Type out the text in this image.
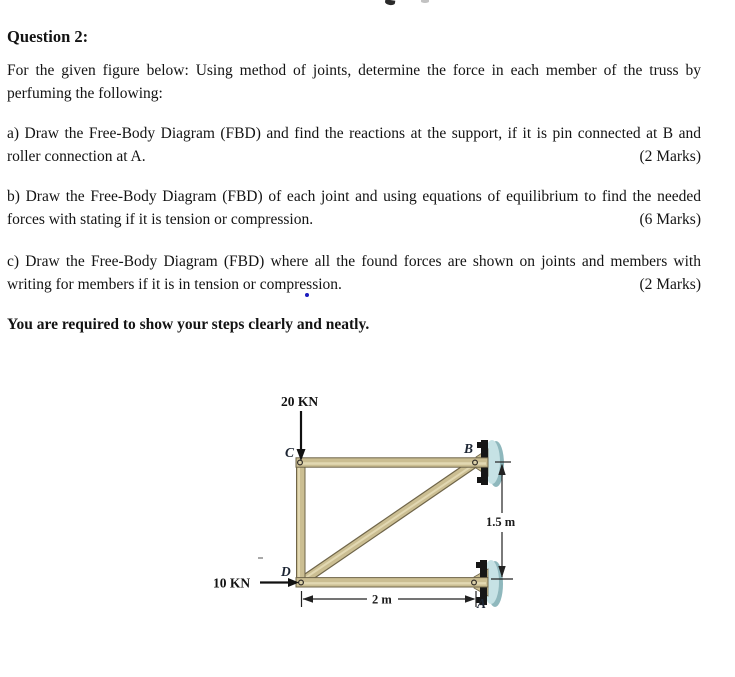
Question 2:

For the given figure below: Using method of joints, determine the force in each member of the truss by perfuming the following:

a) Draw the Free-Body Diagram (FBD) and find the reactions at the support, if it is pin connected at B and roller connection at A.	(2 Marks)
b) Draw the Free-Body Diagram (FBD) of each joint and using equations of equilibrium to find the needed forces with stating if it is tension or compression.	(6 Marks)
c) Draw the Free-Body Diagram (FBD) where all the found forces are shown on joints and members with writing for members if it is in tension or compression.	(2 Marks)

You are required to show your steps clearly and neatly.

20 KN
10 KN
C	B
D
A
1.5 m
2 m
